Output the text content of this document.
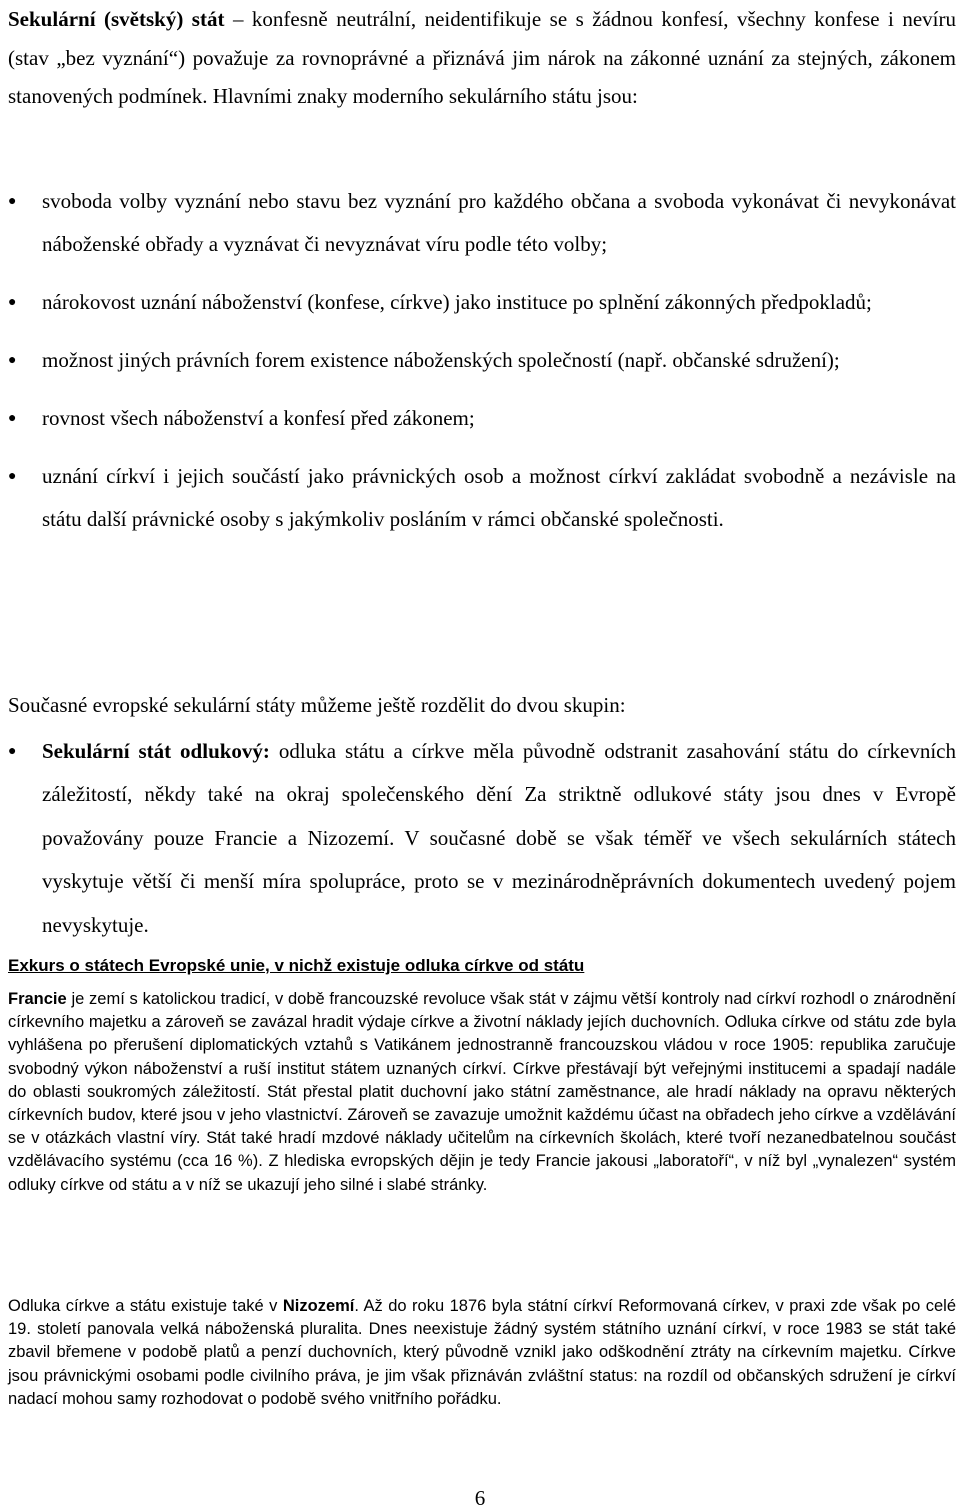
Sekulární (světský) stát – konfesně neutrální, neidentifikuje se s žádnou konfesí, všechny konfese i nevíru (stav „bez vyznání“) považuje za rovnoprávné a přiznává jim nárok na zákonné uznání za stejných, zákonem stanovených podmínek. Hlavními znaky moderního sekulárního státu jsou:

● svoboda volby vyznání nebo stavu bez vyznání pro každého občana a svoboda vykonávat či nevykonávat náboženské obřady a vyznávat či nevyznávat víru podle této volby;
● nárokovost uznání náboženství (konfese, církve) jako instituce po splnění zákonných předpokladů;
● možnost jiných právních forem existence náboženských společností (např. občanské sdružení);
● rovnost všech náboženství a konfesí před zákonem;
● uznání církví i jejich součástí jako právnických osob a možnost církví zakládat svobodně a nezávisle na státu další právnické osoby s jakýmkoliv posláním v rámci občanské společnosti.

Současné evropské sekulární státy můžeme ještě rozdělit do dvou skupin:

● Sekulární stát odlukový: odluka státu a církve měla původně odstranit zasahování státu do církevních záležitostí, někdy také na okraj společenského dění Za striktně odlukové státy jsou dnes v Evropě považovány pouze Francie a Nizozemí. V současné době se však téměř ve všech sekulárních státech vyskytuje větší či menší míra spolupráce, proto se v mezinárodněprávních dokumentech uvedený pojem nevyskytuje.
Exkurs o státech Evropské unie, v nichž existuje odluka církve od státu

Francie je zemí s katolickou tradicí, v době francouzské revoluce však stát v zájmu větší kontroly nad církví rozhodl o znárodnění církevního majetku a zároveň se zavázal hradit výdaje církve a životní náklady jejích duchovních. Odluka církve od státu zde byla vyhlášena po přerušení diplomatických vztahů s Vatikánem jednostranně francouzskou vládou v roce 1905: republika zaručuje svobodný výkon náboženství a ruší institut státem uznaných církví. Církve přestávají být veřejnými institucemi a spadají nadále do oblasti soukromých záležitostí. Stát přestal platit duchovní jako státní zaměstnance, ale hradí náklady na opravu některých církevních budov, které jsou v jeho vlastnictví. Zároveň se zavazuje umožnit každému účast na obřadech jeho církve a vzdělávání se v otázkách vlastní víry. Stát také hradí mzdové náklady učitelům na církevních školách, které tvoří nezanedbatelnou součást vzdělávacího systému (cca 16 %). Z hlediska evropských dějin je tedy Francie jakousi „laboratoří“, v níž byl „vynalezen“ systém odluky církve od státu a v níž se ukazují jeho silné i slabé stránky.

Odluka církve a státu existuje také v Nizozemí. Až do roku 1876 byla státní církví Reformovaná církev, v praxi zde však po celé 19. století panovala velká náboženská pluralita. Dnes neexistuje žádný systém státního uznání církví, v roce 1983 se stát také zbavil břemene v podobě platů a penzí duchovních, který původně vznikl jako odškodnění ztráty na církevním majetku. Církve jsou právnickými osobami podle civilního práva, je jim však přiznáván zvláštní status: na rozdíl od občanských sdružení je církví nadací mohou samy rozhodovat o podobě svého vnitřního pořádku.

6
